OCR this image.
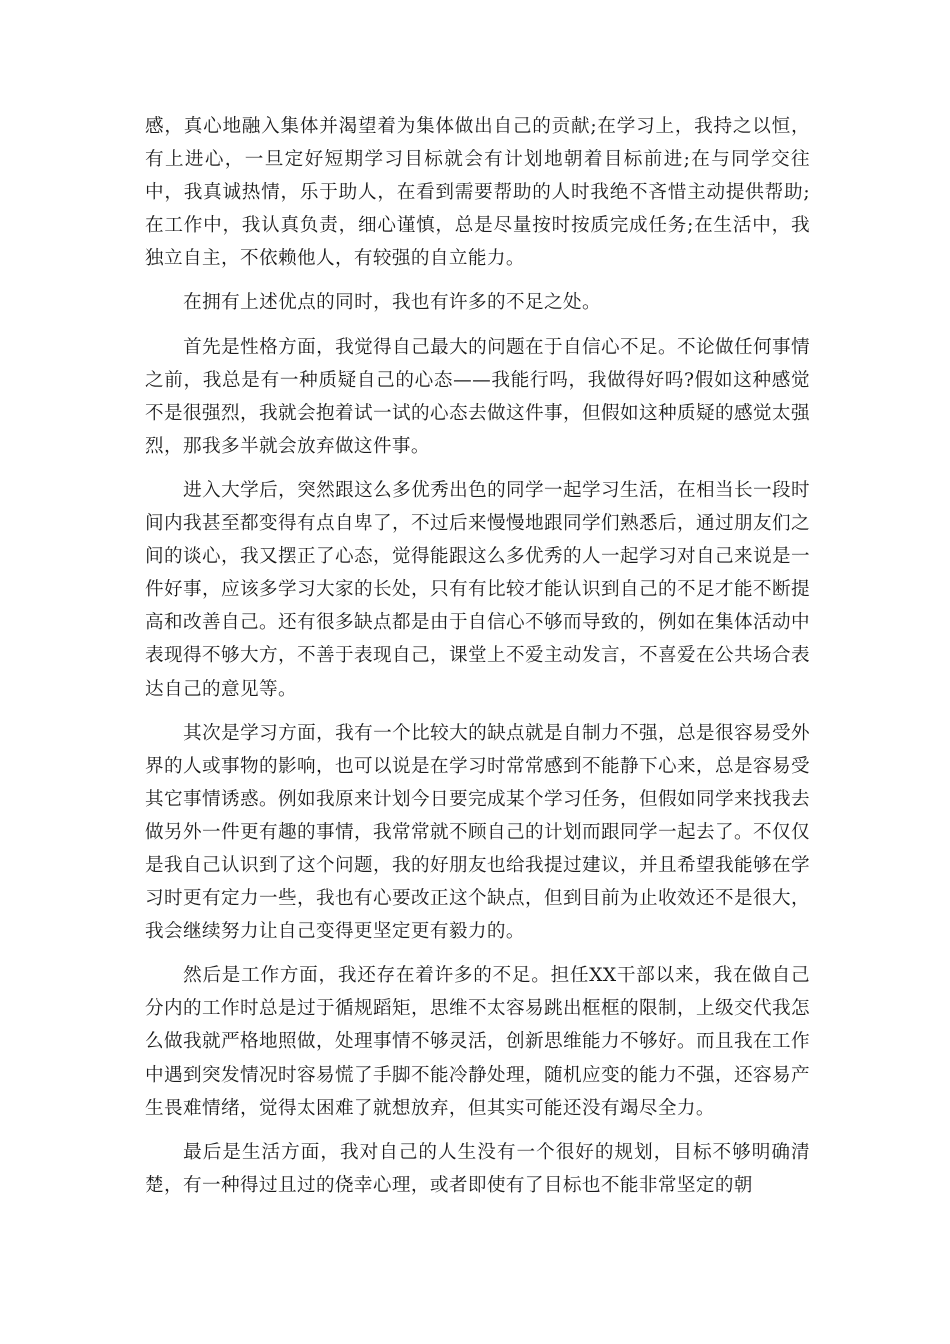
感，真心地融入集体并渴望着为集体做出自己的贡献;在学习上，我持之以恒，有上进心，一旦定好短期学习目标就会有计划地朝着目标前进;在与同学交往中，我真诚热情，乐于助人，在看到需要帮助的人时我绝不吝惜主动提供帮助;在工作中，我认真负责，细心谨慎，总是尽量按时按质完成任务;在生活中，我独立自主，不依赖他人，有较强的自立能力。

在拥有上述优点的同时，我也有许多的不足之处。

首先是性格方面，我觉得自己最大的问题在于自信心不足。不论做任何事情之前，我总是有一种质疑自己的心态——我能行吗，我做得好吗?假如这种感觉不是很强烈，我就会抱着试一试的心态去做这件事，但假如这种质疑的感觉太强烈，那我多半就会放弃做这件事。

进入大学后，突然跟这么多优秀出色的同学一起学习生活，在相当长一段时间内我甚至都变得有点自卑了，不过后来慢慢地跟同学们熟悉后，通过朋友们之间的谈心，我又摆正了心态，觉得能跟这么多优秀的人一起学习对自己来说是一件好事，应该多学习大家的长处，只有有比较才能认识到自己的不足才能不断提高和改善自己。还有很多缺点都是由于自信心不够而导致的，例如在集体活动中表现得不够大方，不善于表现自己，课堂上不爱主动发言，不喜爱在公共场合表达自己的意见等。

其次是学习方面，我有一个比较大的缺点就是自制力不强，总是很容易受外界的人或事物的影响，也可以说是在学习时常常感到不能静下心来，总是容易受其它事情诱惑。例如我原来计划今日要完成某个学习任务，但假如同学来找我去做另外一件更有趣的事情，我常常就不顾自己的计划而跟同学一起去了。不仅仅是我自己认识到了这个问题，我的好朋友也给我提过建议，并且希望我能够在学习时更有定力一些，我也有心要改正这个缺点，但到目前为止收效还不是很大，我会继续努力让自己变得更坚定更有毅力的。

然后是工作方面，我还存在着许多的不足。担任XX干部以来，我在做自己分内的工作时总是过于循规蹈矩，思维不太容易跳出框框的限制，上级交代我怎么做我就严格地照做，处理事情不够灵活，创新思维能力不够好。而且我在工作中遇到突发情况时容易慌了手脚不能冷静处理，随机应变的能力不强，还容易产生畏难情绪，觉得太困难了就想放弃，但其实可能还没有竭尽全力。

最后是生活方面，我对自己的人生没有一个很好的规划，目标不够明确清楚，有一种得过且过的侥幸心理，或者即使有了目标也不能非常坚定的朝
